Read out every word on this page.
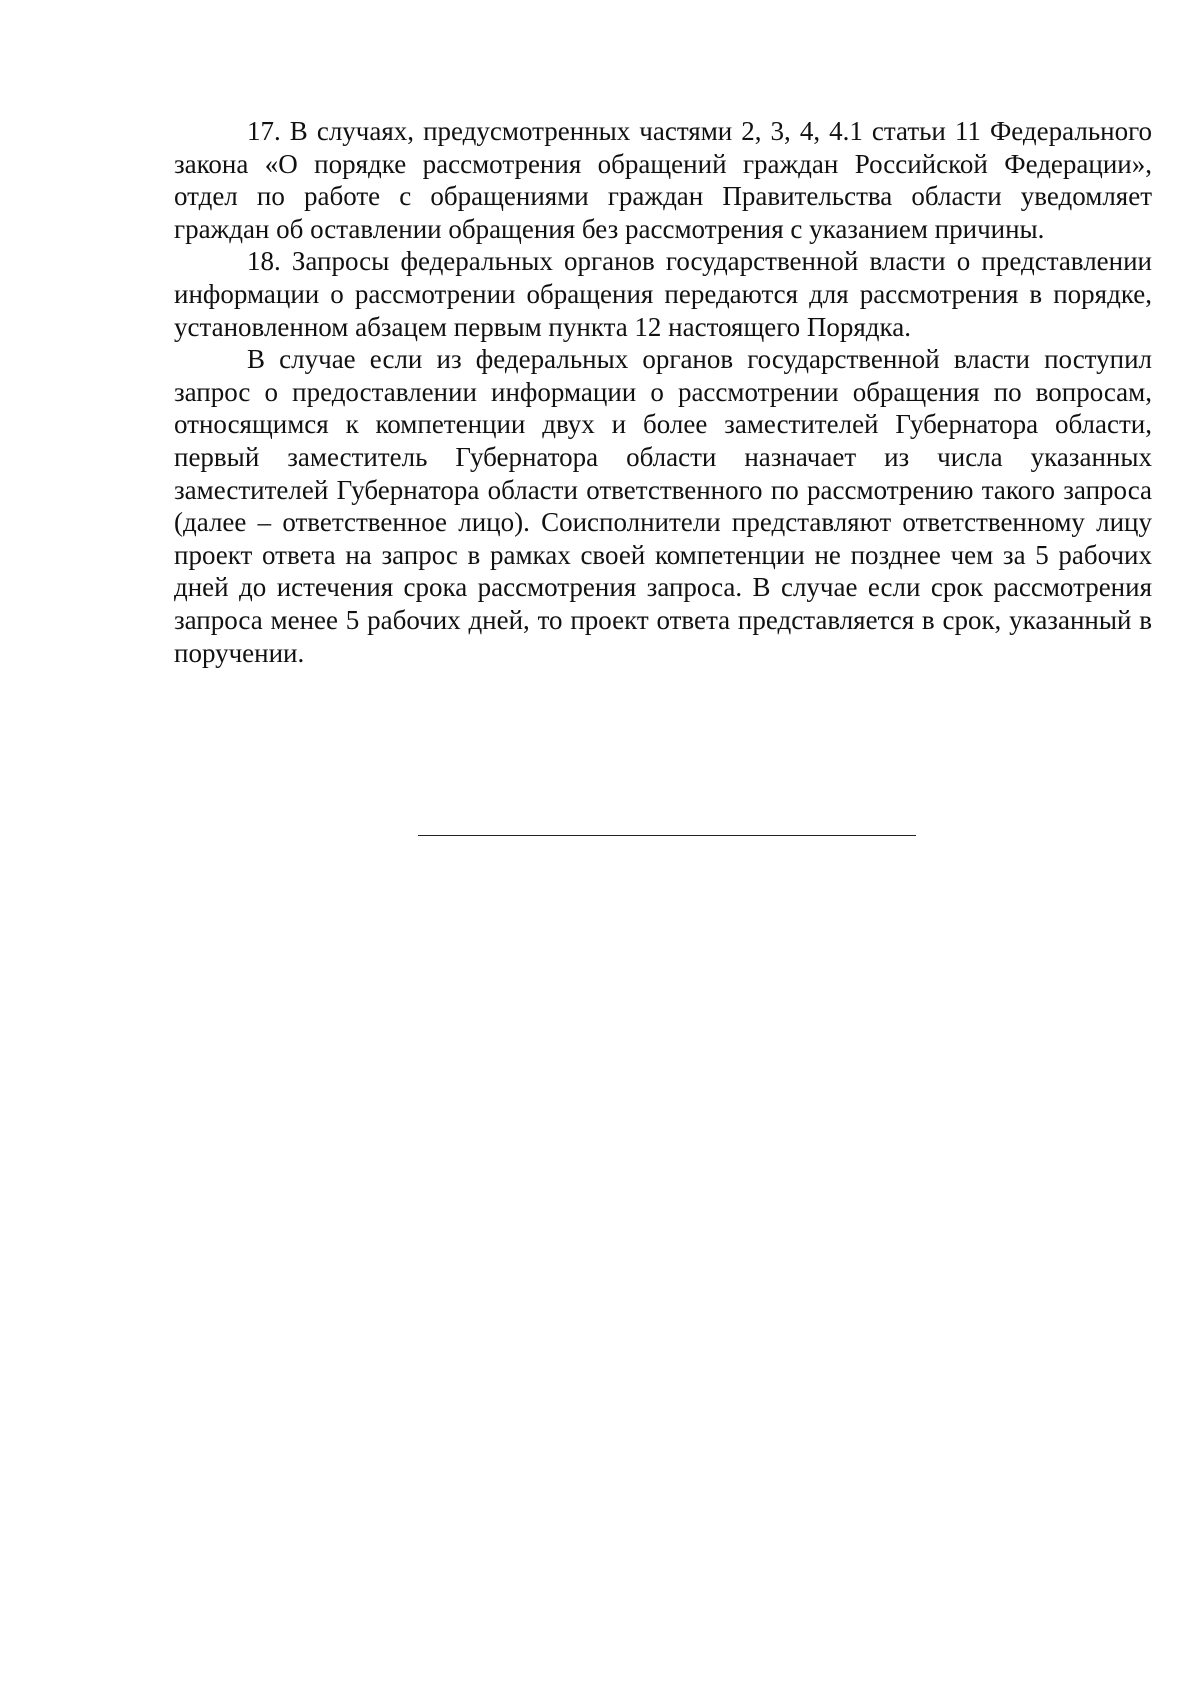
17. В случаях, предусмотренных частями 2, 3, 4, 4.1 статьи 11 Федерального закона «О порядке рассмотрения обращений граждан Российской Федерации», отдел по работе с обращениями граждан Правительства области уведомляет граждан об оставлении обращения без рассмотрения с указанием причины.

18. Запросы федеральных органов государственной власти о представлении информации о рассмотрении обращения передаются для рассмотрения в порядке, установленном абзацем первым пункта 12 настоящего Порядка.

В случае если из федеральных органов государственной власти поступил запрос о предоставлении информации о рассмотрении обращения по вопросам, относящимся к компетенции двух и более заместителей Губернатора области, первый заместитель Губернатора области назначает из числа указанных заместителей Губернатора области ответственного по рассмотрению такого запроса (далее – ответственное лицо). Соисполнители представляют ответственному лицу проект ответа на запрос в рамках своей компетенции не позднее чем за 5 рабочих дней до истечения срока рассмотрения запроса. В случае если срок рассмотрения запроса менее 5 рабочих дней, то проект ответа представляется в срок, указанный в поручении.
